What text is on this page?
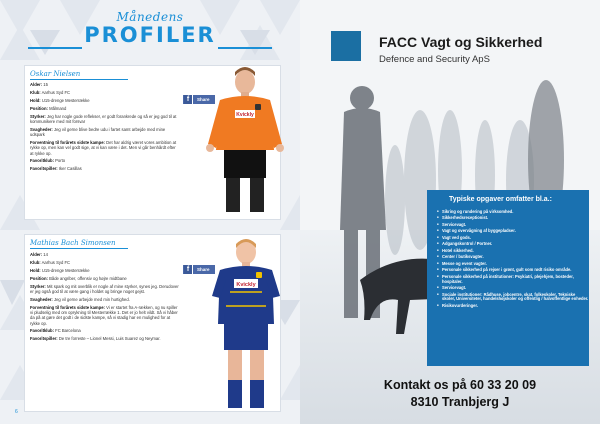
Månedens
PROFILER
Oskar Nielsen

Alder: 15

Klub: Aarhus Syd FC

Hold: U15-drenge Mesterrække

Position: Målmand

Styrker: Jeg har nogle gode reflekser, er godt forankrede og så er jeg god til at kommunikere med mit forsvar

Svagheder: Jeg vil gerne blive bedre udu i fartet samt arbejde med mine udspark

Forventning til forårets sidste kampe: Det har aldrig været vores ambition at rykke op, men kan vel godt sige, at vi kan være i det. Men vi går benhårdt efter at rykke op.

Favoritklub: Porto

Favoritspiller: Iker Casillas

f	Share
Kvickly
Mathias Bach Simonsen

Alder: 14

Klub: Aarhus Syd FC

Hold: U15-drenge Mesterrække

Position: Både angriber, offensiv og højre midtbane

Styrker: Mit spark og mit overblik er nogle af mine styrker, synes jeg. Derudover er jeg også god til at være gang i holdet og bringe noget gejst.

Svagheder: Jeg vil gerne arbejde med min hurtighed.

Forventning til forårets sidste kampe: Vi er startet fra A-rækken, og nu spiller vi pludselig med om oprykning til Mesterrække 1. Det er jo helt vildt. Så vi håber da på at gøre det godt i de sidste kampe, så vi stadig har en mulighed for at rykke op.

Favoritklub: FC Barcelona

Favoritspiller: De tre forreste – Lionel Messi, Luis Suarez og Neymar.

f	Share
Kvickly
6
FACC Vagt og Sikkerhed
Defence and Security ApS
Typiske opgaver omfatter bl.a.:
• Sikring og rundering på virksomhed.
• Sikkerhedsreceptionist.
• Servicevagt.
• Vagt og overvågning af byggepladser.
• Vagt ved gods.
• Adgangskontrol / Portner.
• Hotel sikkerhed.
• Center / butiksvagter.
• Messe og event vagter.
• Personale sikkerhed på rejser i grønt, gult som rødt risiko område.
• Personale sikkerhed på institutioner: Psykiatri, plejehjem, bosteder, hospitaler.
• Servicevagt.
• Sociale institutioner: Rådhuse, jobcentre, skat, folkeskoler, Tekniske skoler, Universiteter, handelshøjskoler og offentlig / halvoffentlige enheder.
• Risikovurderinger.
Kontakt os på 60 33 20 09
8310 Tranbjerg J
